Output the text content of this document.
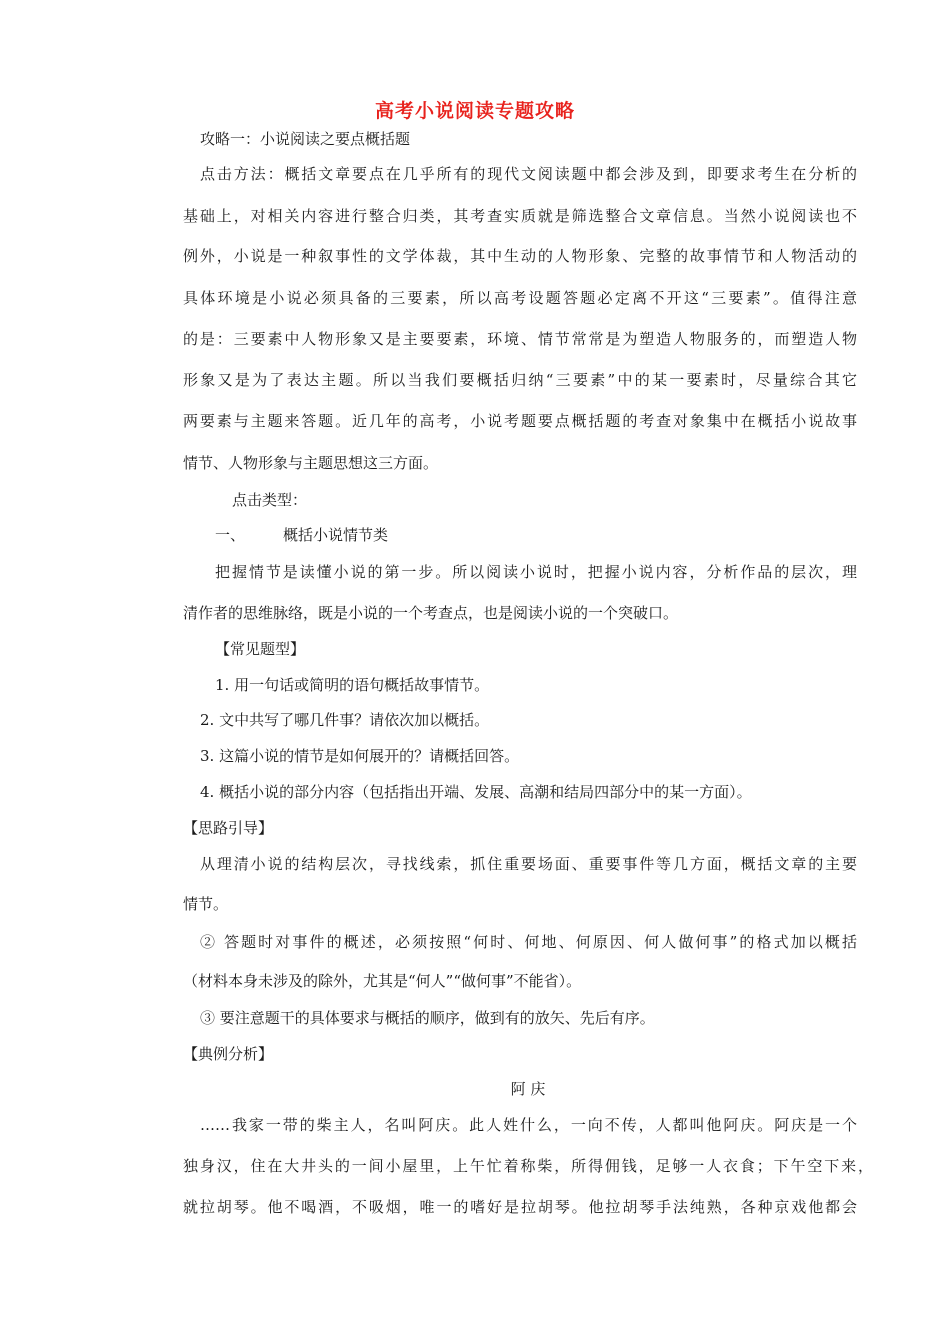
高考小说阅读专题攻略
攻略一：小说阅读之要点概括题
点击方法：概括文章要点在几乎所有的现代文阅读题中都会涉及到，即要求考生在分析的
基础上，对相关内容进行整合归类，其考查实质就是筛选整合文章信息。当然小说阅读也不
例外，小说是一种叙事性的文学体裁，其中生动的人物形象、完整的故事情节和人物活动的
具体环境是小说必须具备的三要素，所以高考设题答题必定离不开这“三要素”。值得注意
的是：三要素中人物形象又是主要要素，环境、情节常常是为塑造人物服务的，而塑造人物
形象又是为了表达主题。所以当我们要概括归纳“三要素”中的某一要素时，尽量综合其它
两要素与主题来答题。近几年的高考，小说考题要点概括题的考查对象集中在概括小说故事
情节、人物形象与主题思想这三方面。
点击类型：
一、	概括小说情节类
把握情节是读懂小说的第一步。所以阅读小说时，把握小说内容，分析作品的层次，理
清作者的思维脉络，既是小说的一个考查点，也是阅读小说的一个突破口。
【常见题型】
1. 用一句话或简明的语句概括故事情节。
2. 文中共写了哪几件事？请依次加以概括。
3. 这篇小说的情节是如何展开的？请概括回答。
4. 概括小说的部分内容（包括指出开端、发展、高潮和结局四部分中的某一方面）。
【思路引导】
从理清小说的结构层次，寻找线索，抓住重要场面、重要事件等几方面，概括文章的主要
情节。
② 答题时对事件的概述，必须按照“何时、何地、何原因、何人做何事”的格式加以概括
（材料本身未涉及的除外，尤其是“何人”“做何事”不能省）。
③ 要注意题干的具体要求与概括的顺序，做到有的放矢、先后有序。
【典例分析】
阿 庆
……我家一带的柴主人，名叫阿庆。此人姓什么，一向不传，人都叫他阿庆。阿庆是一个
独身汉，住在大井头的一间小屋里，上午忙着称柴，所得佣钱，足够一人衣食；下午空下来，
就拉胡琴。他不喝酒，不吸烟，唯一的嗜好是拉胡琴。他拉胡琴手法纯熟，各种京戏他都会
